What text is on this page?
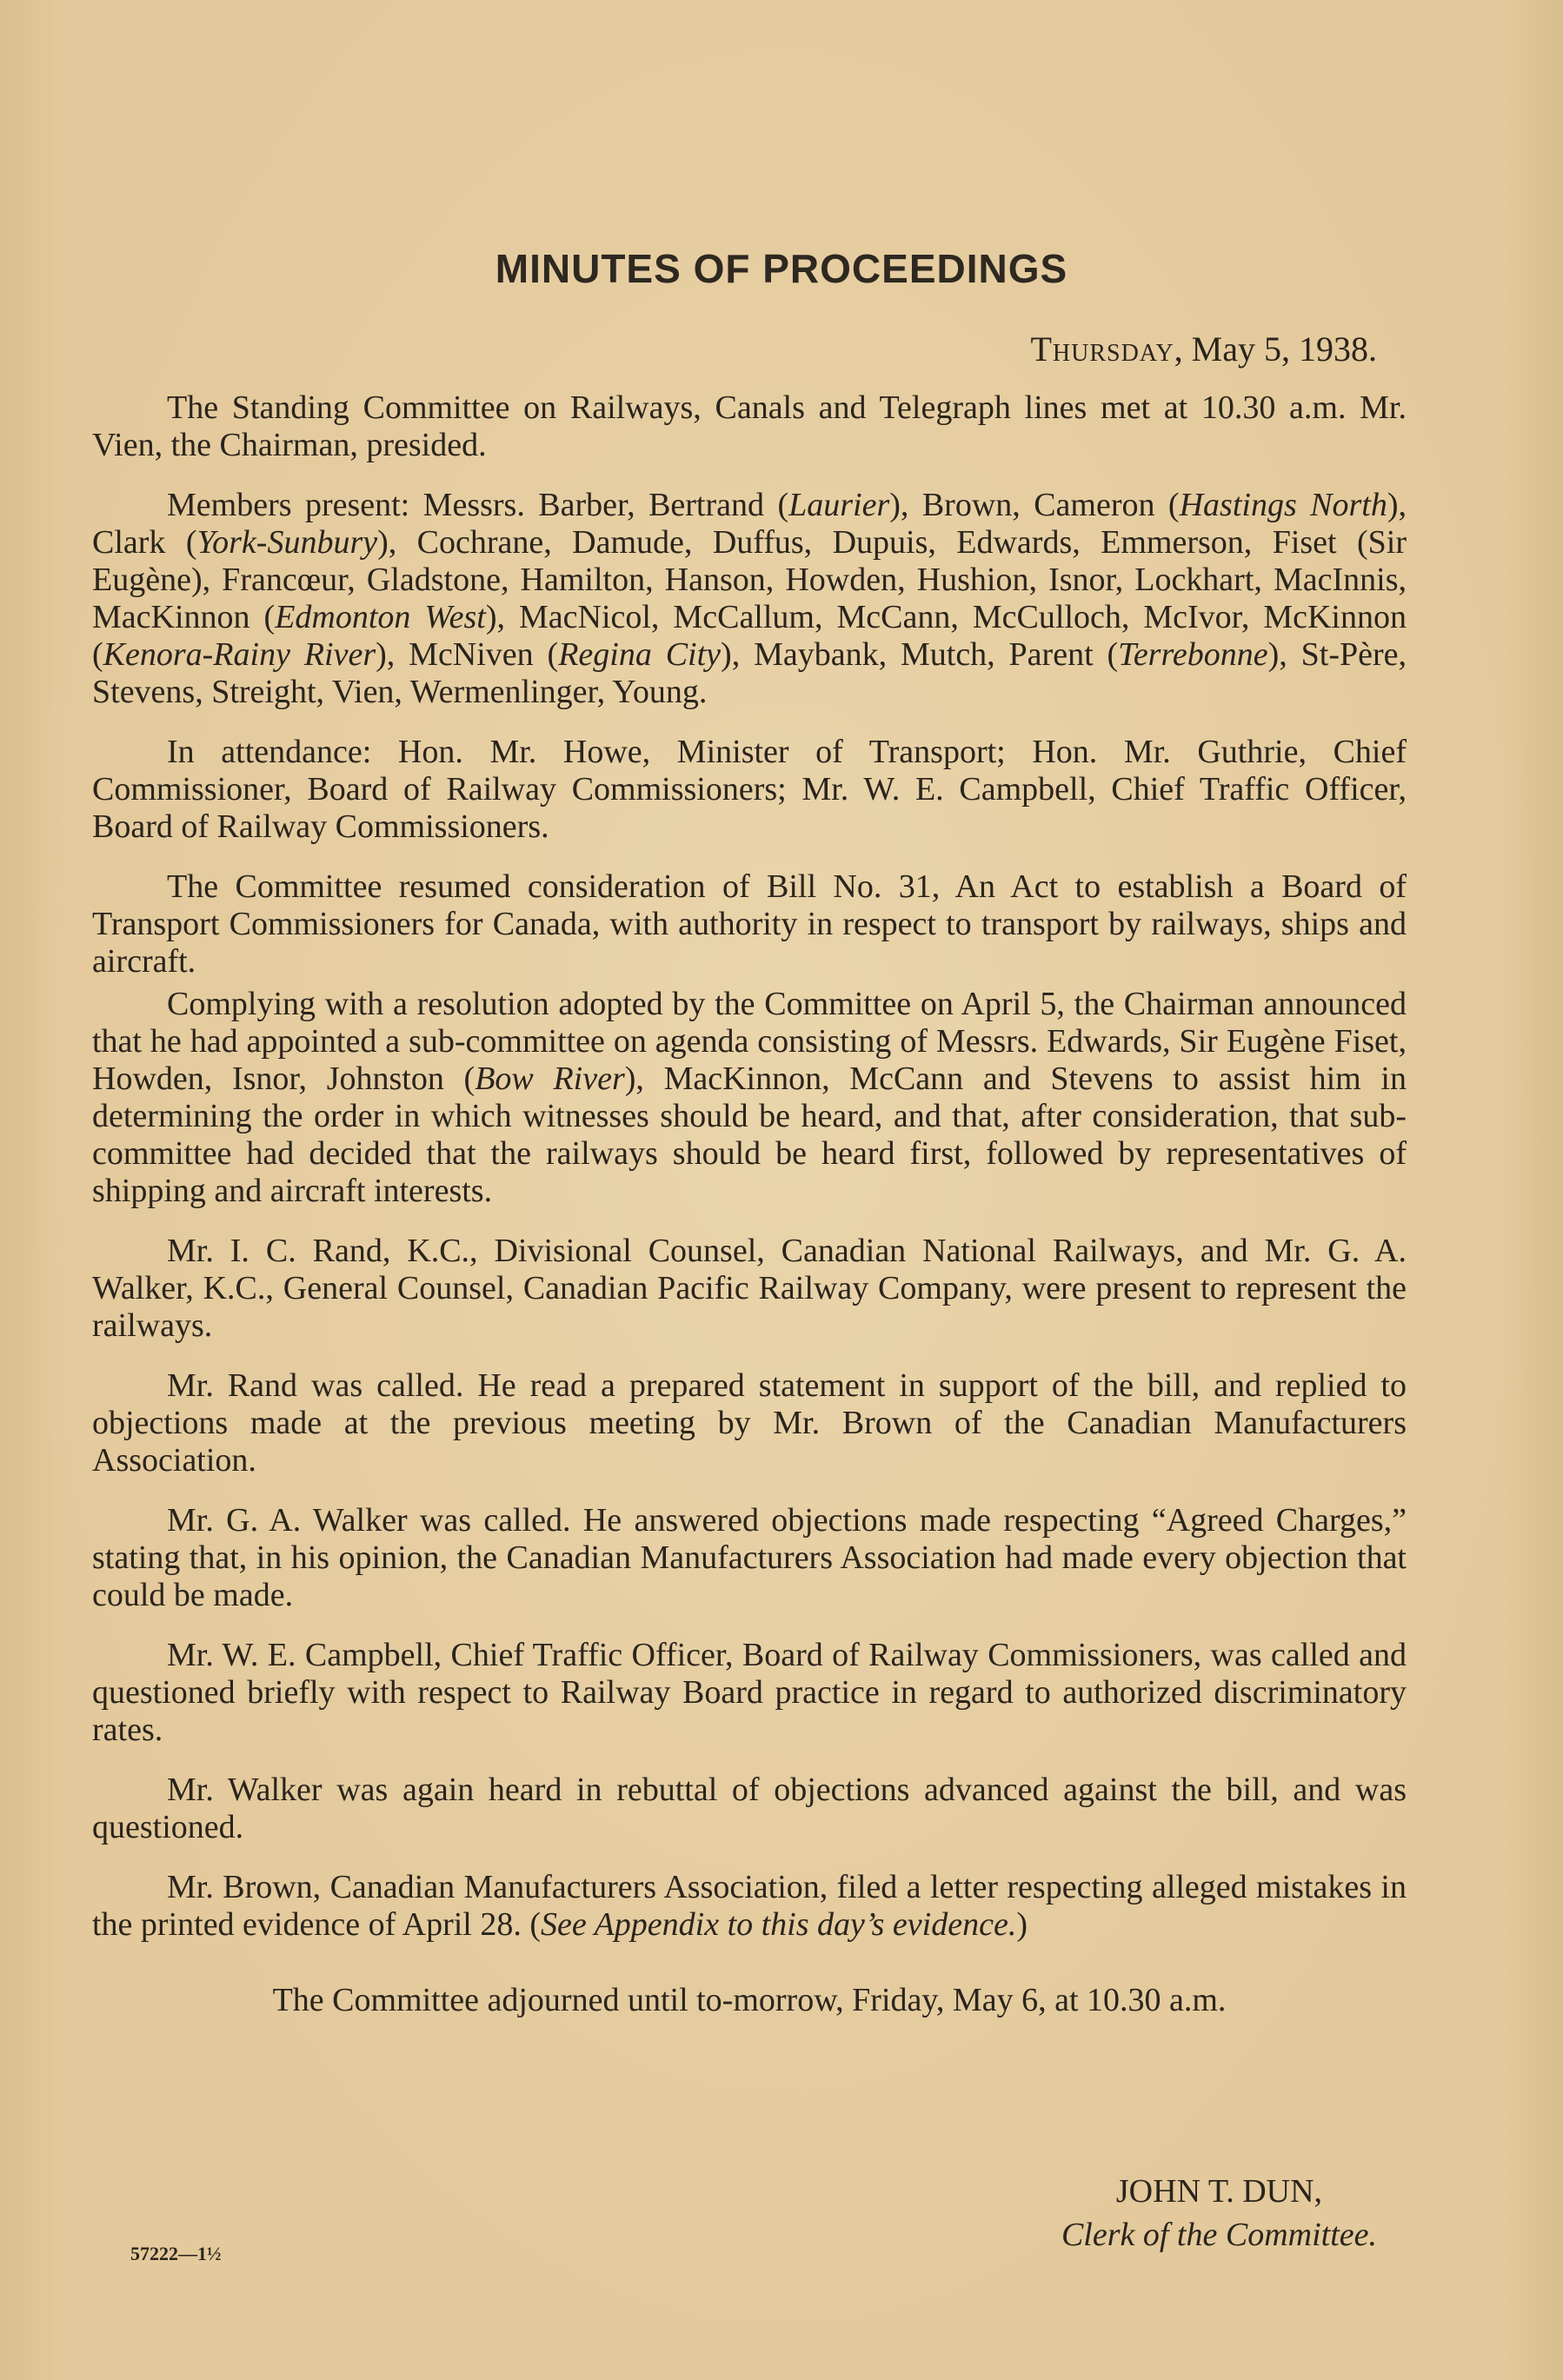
MINUTES OF PROCEEDINGS
Thursday, May 5, 1938.

The Standing Committee on Railways, Canals and Telegraph lines met at 10.30 a.m. Mr. Vien, the Chairman, presided.

Members present: Messrs. Barber, Bertrand (Laurier), Brown, Cameron (Hastings North), Clark (York-Sunbury), Cochrane, Damude, Duffus, Dupuis, Edwards, Emmerson, Fiset (Sir Eugène), Francœur, Gladstone, Hamilton, Hanson, Howden, Hushion, Isnor, Lockhart, MacInnis, MacKinnon (Edmonton West), MacNicol, McCallum, McCann, McCulloch, McIvor, McKinnon (Kenora-Rainy River), McNiven (Regina City), Maybank, Mutch, Parent (Terrebonne), St-Père, Stevens, Streight, Vien, Wermenlinger, Young.

In attendance: Hon. Mr. Howe, Minister of Transport; Hon. Mr. Guthrie, Chief Commissioner, Board of Railway Commissioners; Mr. W. E. Campbell, Chief Traffic Officer, Board of Railway Commissioners.

The Committee resumed consideration of Bill No. 31, An Act to establish a Board of Transport Commissioners for Canada, with authority in respect to transport by railways, ships and aircraft.

Complying with a resolution adopted by the Committee on April 5, the Chairman announced that he had appointed a sub-committee on agenda consisting of Messrs. Edwards, Sir Eugène Fiset, Howden, Isnor, Johnston (Bow River), MacKinnon, McCann and Stevens to assist him in determining the order in which witnesses should be heard, and that, after consideration, that sub-committee had decided that the railways should be heard first, followed by representatives of shipping and aircraft interests.

Mr. I. C. Rand, K.C., Divisional Counsel, Canadian National Railways, and Mr. G. A. Walker, K.C., General Counsel, Canadian Pacific Railway Company, were present to represent the railways.

Mr. Rand was called. He read a prepared statement in support of the bill, and replied to objections made at the previous meeting by Mr. Brown of the Canadian Manufacturers Association.

Mr. G. A. Walker was called. He answered objections made respecting “Agreed Charges,” stating that, in his opinion, the Canadian Manufacturers Association had made every objection that could be made.

Mr. W. E. Campbell, Chief Traffic Officer, Board of Railway Commissioners, was called and questioned briefly with respect to Railway Board practice in regard to authorized discriminatory rates.

Mr. Walker was again heard in rebuttal of objections advanced against the bill, and was questioned.

Mr. Brown, Canadian Manufacturers Association, filed a letter respecting alleged mistakes in the printed evidence of April 28. (See Appendix to this day’s evidence.)

The Committee adjourned until to-morrow, Friday, May 6, at 10.30 a.m.

JOHN T. DUN,
Clerk of the Committee.
57222—1½
